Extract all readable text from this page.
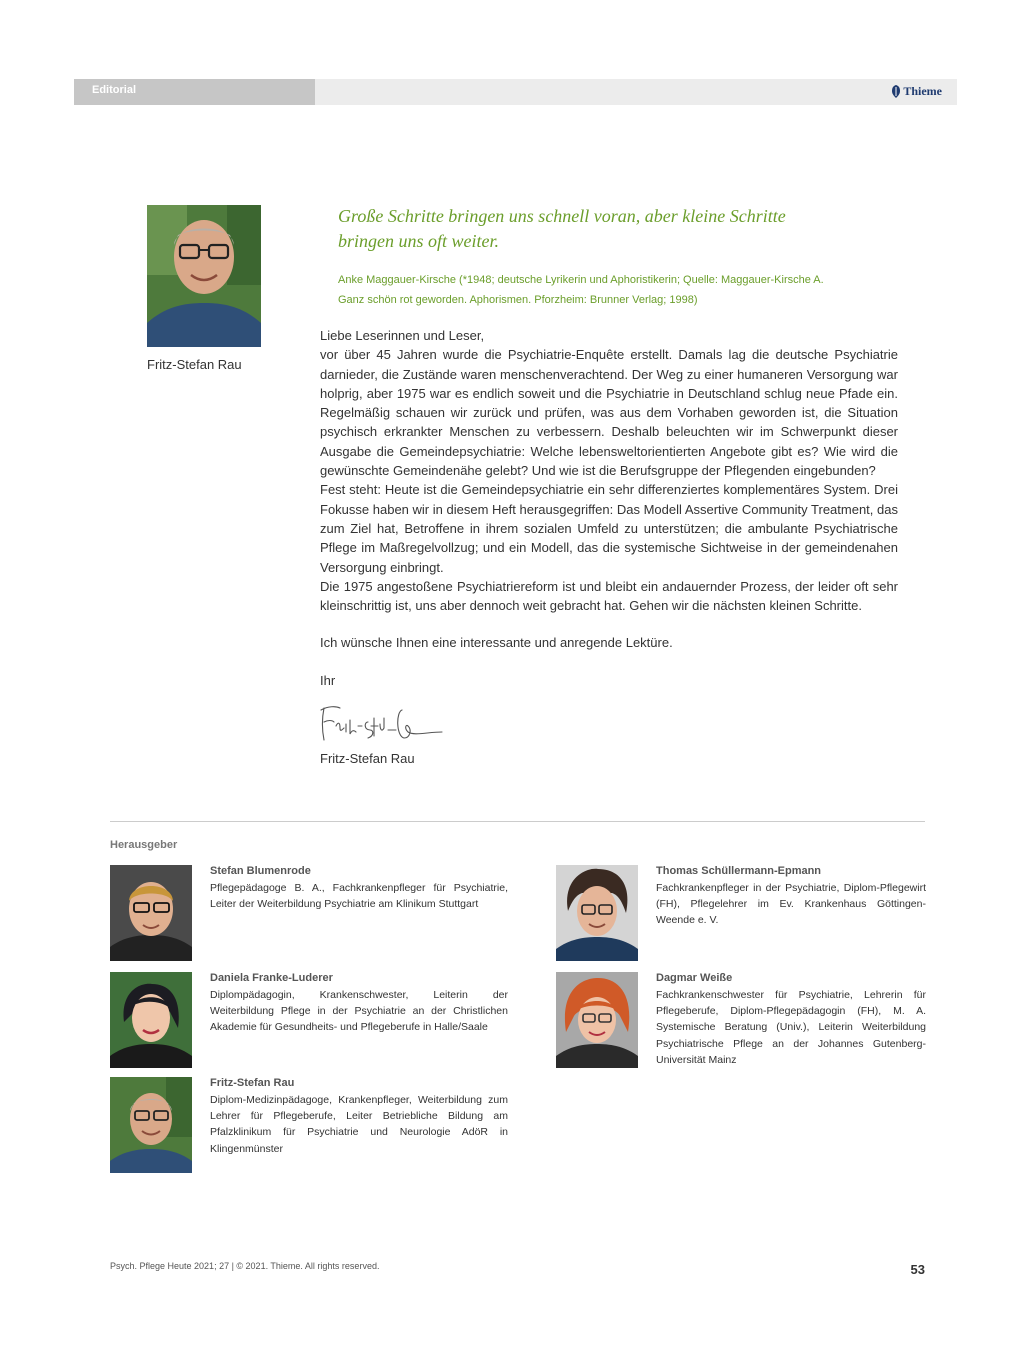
Editorial	Thieme
Fritz-Stefan Rau
Große Schritte bringen uns schnell voran, aber kleine Schritte
bringen uns oft weiter.
Anke Maggauer-Kirsche (*1948; deutsche Lyrikerin und Aphoristikerin; Quelle: Maggauer-Kirsche A.
Ganz schön rot geworden. Aphorismen. Pforzheim: Brunner Verlag; 1998)

Liebe Leserinnen und Leser,

vor über 45 Jahren wurde die Psychiatrie-Enquête erstellt. Damals lag die deutsche Psychiatrie darnieder, die Zustände waren menschenverachtend. Der Weg zu einer humaneren Versorgung war holprig, aber 1975 war es endlich soweit und die Psychiatrie in Deutschland schlug neue Pfade ein. Regelmäßig schauen wir zurück und prüfen, was aus dem Vorhaben geworden ist, die Situation psychisch erkrankter Menschen zu verbessern. Deshalb beleuchten wir im Schwerpunkt dieser Ausgabe die Gemeindepsychiatrie: Welche lebensweltorientierten Angebote gibt es? Wie wird die gewünschte Gemeindenähe gelebt? Und wie ist die Berufsgruppe der Pflegenden eingebunden?

Fest steht: Heute ist die Gemeindepsychiatrie ein sehr differenziertes komplementäres System. Drei Fokusse haben wir in diesem Heft herausgegriffen: Das Modell Assertive Community Treatment, das zum Ziel hat, Betroffene in ihrem sozialen Umfeld zu unterstützen; die ambulante Psychiatrische Pflege im Maßregelvollzug; und ein Modell, das die systemische Sichtweise in der gemeindenahen Versorgung einbringt.

Die 1975 angestoßene Psychiatriereform ist und bleibt ein andauernder Prozess, der leider oft sehr kleinschrittig ist, uns aber dennoch weit gebracht hat. Gehen wir die nächsten kleinen Schritte.

Ich wünsche Ihnen eine interessante und anregende Lektüre.
Ihr
Fritz-Stefan Rau
Herausgeber
Stefan Blumenrode
Pflegepädagoge B. A., Fachkrankenpfleger für Psychiatrie, Leiter der Weiterbildung Psychiatrie am Klinikum Stuttgart
Daniela Franke-Luderer
Diplompädagogin, Krankenschwester, Leiterin der Weiterbildung Pflege in der Psychiatrie an der Christlichen Akademie für Gesundheits- und Pflegeberufe in Halle/Saale
Fritz-Stefan Rau
Diplom-Medizinpädagoge, Krankenpfleger, Weiterbildung zum Lehrer für Pflegeberufe, Leiter Betriebliche Bildung am Pfalzklinikum für Psychiatrie und Neurologie AdöR in Klingenmünster
Thomas Schüllermann-Epmann
Fachkrankenpfleger in der Psychiatrie, Diplom-Pflegewirt (FH), Pflegelehrer im Ev. Krankenhaus Göttingen-Weende e. V.
Dagmar Weiße
Fachkrankenschwester für Psychiatrie, Lehrerin für Pflegeberufe, Diplom-Pflegepädagogin (FH), M. A. Systemische Beratung (Univ.), Leiterin Weiterbildung Psychiatrische Pflege an der Johannes Gutenberg-Universität Mainz
Psych. Pflege Heute 2021; 27 | © 2021. Thieme. All rights reserved.	53
